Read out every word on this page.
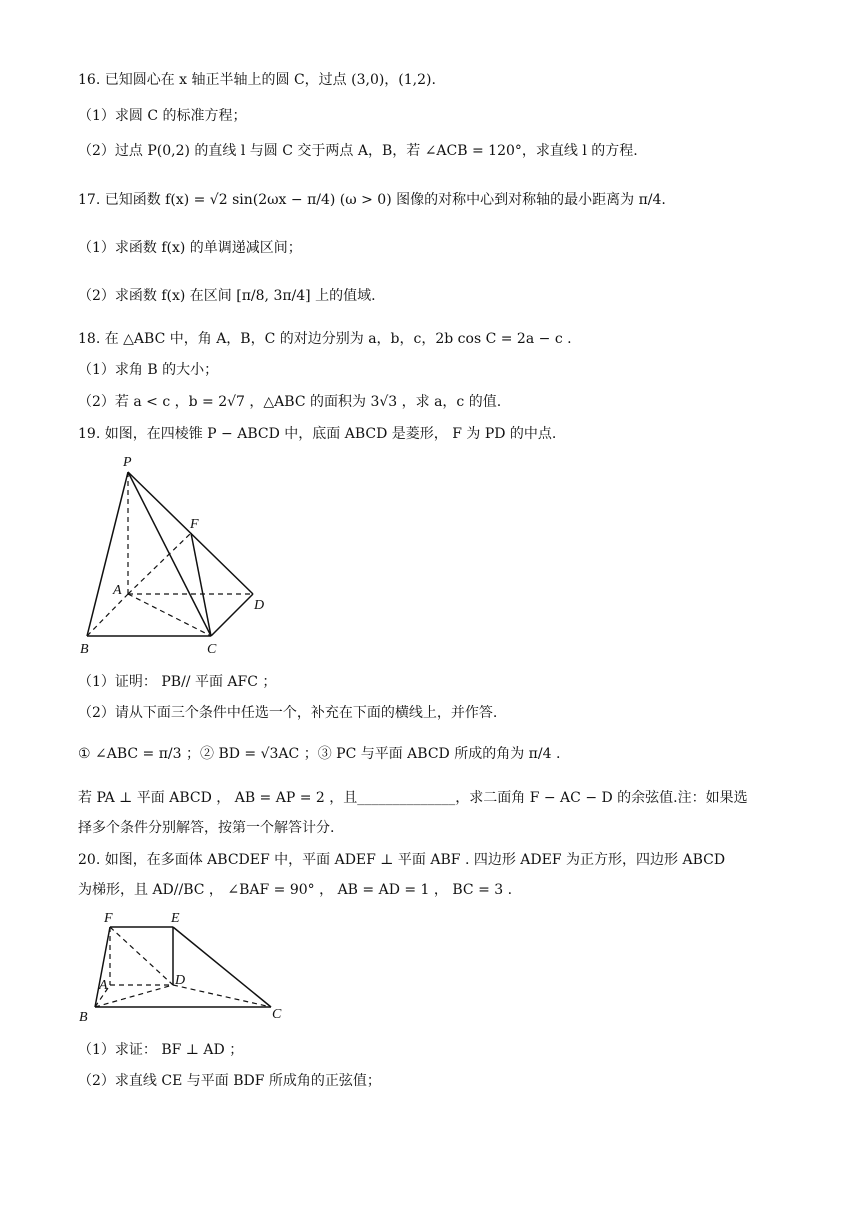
16. 已知圆心在 x 轴正半轴上的圆 C，过点 (3,0)，(1,2).
（1）求圆 C 的标准方程；
（2）过点 P(0,2) 的直线 l 与圆 C 交于两点 A，B，若 ∠ACB = 120°，求直线 l 的方程.
17. 已知函数 f(x) = √2 sin(2ωx − π/4) (ω > 0) 图像的对称中心到对称轴的最小距离为 π/4.
（1）求函数 f(x) 的单调递减区间；
（2）求函数 f(x) 在区间 [π/8, 3π/4] 上的值域.
18. 在 △ABC 中，角 A，B，C 的对边分别为 a，b，c，2b cos C = 2a − c .
（1）求角 B 的大小；
（2）若 a < c ，b = 2√7 ，△ABC 的面积为 3√3 ，求 a，c 的值.
19. 如图，在四棱锥 P − ABCD 中，底面 ABCD 是菱形， F 为 PD 的中点.
P
F
A
D
B	C
（1）证明： PB// 平面 AFC ；
（2）请从下面三个条件中任选一个，补充在下面的横线上，并作答.
① ∠ABC = π/3 ；② BD = √3AC ；③ PC 与平面 ABCD 所成的角为 π/4 .
若 PA ⊥ 平面 ABCD ， AB = AP = 2 ，且______________，求二面角 F − AC − D 的余弦值.注：如果选
择多个条件分别解答，按第一个解答计分.
20. 如图，在多面体 ABCDEF 中，平面 ADEF ⊥ 平面 ABF . 四边形 ADEF 为正方形，四边形 ABCD
为梯形，且 AD//BC ， ∠BAF = 90° ， AB = AD = 1 ， BC = 3 .
F	E
A	D
B	C
（1）求证： BF ⊥ AD ；
（2）求直线 CE 与平面 BDF 所成角的正弦值；
